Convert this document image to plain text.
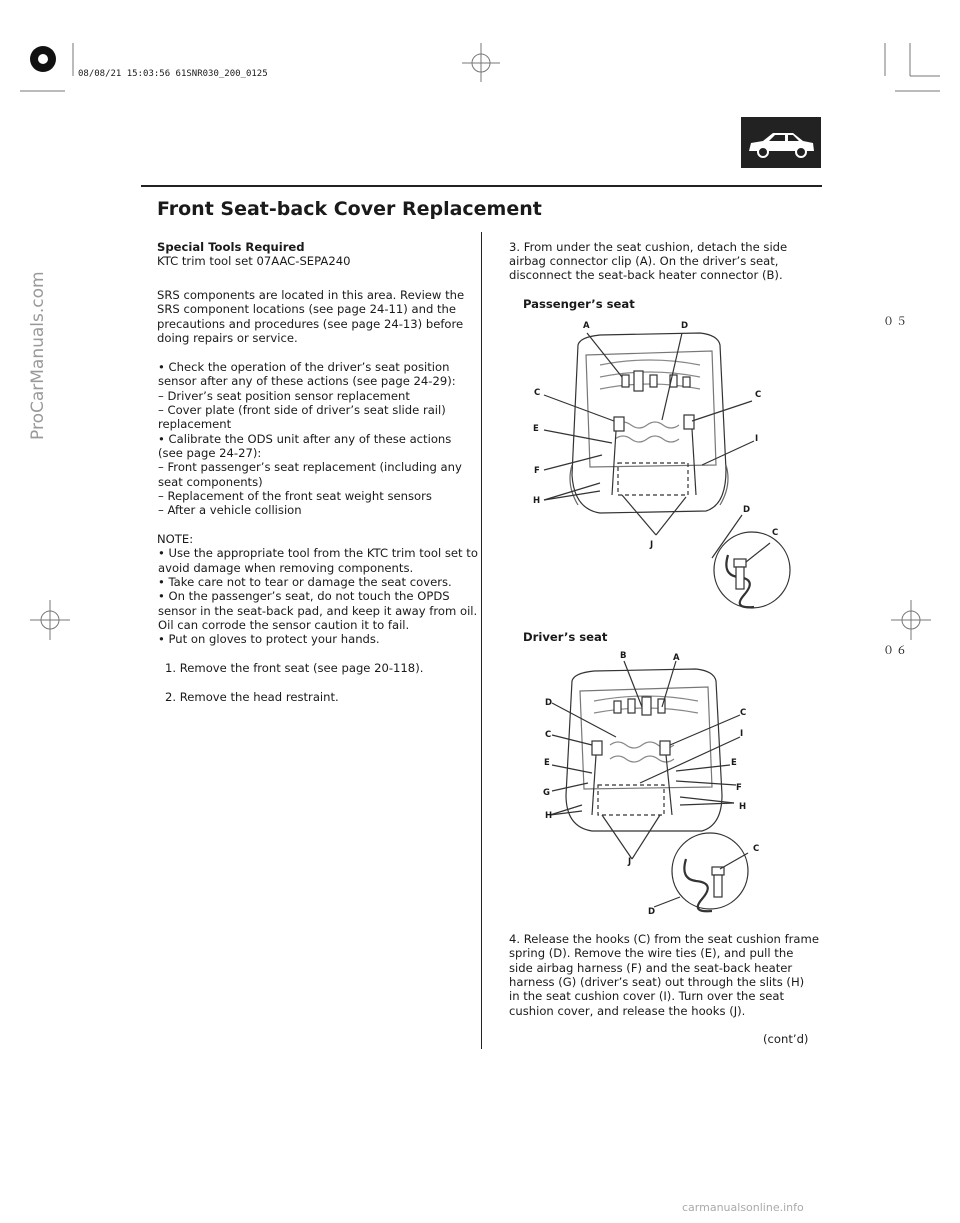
08/08/21 15:03:56 61SNR030_200_0125
Front Seat-back Cover Replacement
Special Tools Required
KTC trim tool set 07AAC-SEPA240
SRS components are located in this area. Review the
SRS component locations (see page 24-11) and the
precautions and procedures (see page 24-13) before
doing repairs or service.
• Check the operation of the driver’s seat position
sensor after any of these actions (see page 24-29):
– Driver’s seat position sensor replacement
– Cover plate (front side of driver’s seat slide rail)
replacement
• Calibrate the ODS unit after any of these actions
(see page 24-27):
– Front passenger’s seat replacement (including any
seat components)
– Replacement of the front seat weight sensors
– After a vehicle collision
NOTE:
• Use the appropriate tool from the KTC trim tool set to
avoid damage when removing components.
• Take care not to tear or damage the seat covers.
• On the passenger’s seat, do not touch the OPDS
sensor in the seat-back pad, and keep it away from oil.
Oil can corrode the sensor caution it to fail.
• Put on gloves to protect your hands.
1. Remove the front seat (see page 20-118).
2. Remove the head restraint.
3. From under the seat cushion, detach the side
airbag connector clip (A). On the driver’s seat,
disconnect the seat-back heater connector (B).
Passenger’s seat
A	D
C	C
E
I
F
H
D
C
J
Driver’s seat
B	A
D
C
C
I
E	E
G	F
H
H
C
J
D
4. Release the hooks (C) from the seat cushion frame
spring (D). Remove the wire ties (E), and pull the
side airbag harness (F) and the seat-back heater
harness (G) (driver’s seat) out through the slits (H)
in the seat cushion cover (I). Turn over the seat
cushion cover, and release the hooks (J).
(cont’d)
０５
０６
ProCarManuals.com
carmanualsonline.info
